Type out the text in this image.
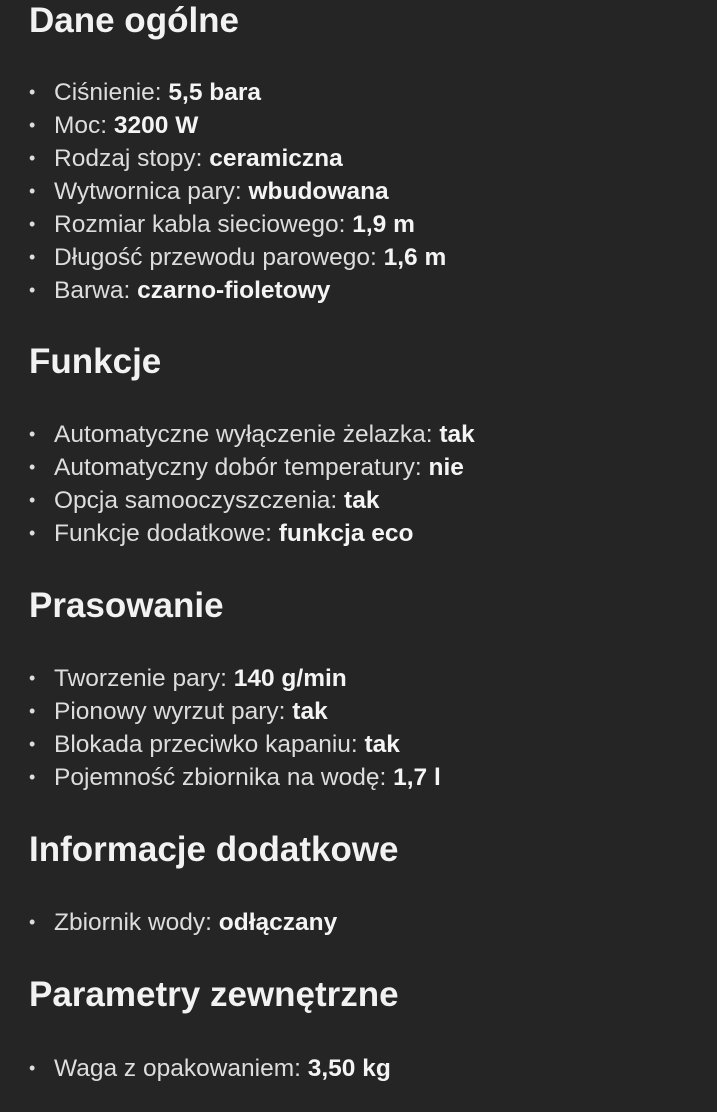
Dane ogólne
• Ciśnienie: 5,5 bara
• Moc: 3200 W
• Rodzaj stopy: ceramiczna
• Wytwornica pary: wbudowana
• Rozmiar kabla sieciowego: 1,9 m
• Długość przewodu parowego: 1,6 m
• Barwa: czarno-fioletowy
Funkcje
• Automatyczne wyłączenie żelazka: tak
• Automatyczny dobór temperatury: nie
• Opcja samooczyszczenia: tak
• Funkcje dodatkowe: funkcja eco
Prasowanie
• Tworzenie pary: 140 g/min
• Pionowy wyrzut pary: tak
• Blokada przeciwko kapaniu: tak
• Pojemność zbiornika na wodę: 1,7 l
Informacje dodatkowe
• Zbiornik wody: odłączany
Parametry zewnętrzne
• Waga z opakowaniem: 3,50 kg
